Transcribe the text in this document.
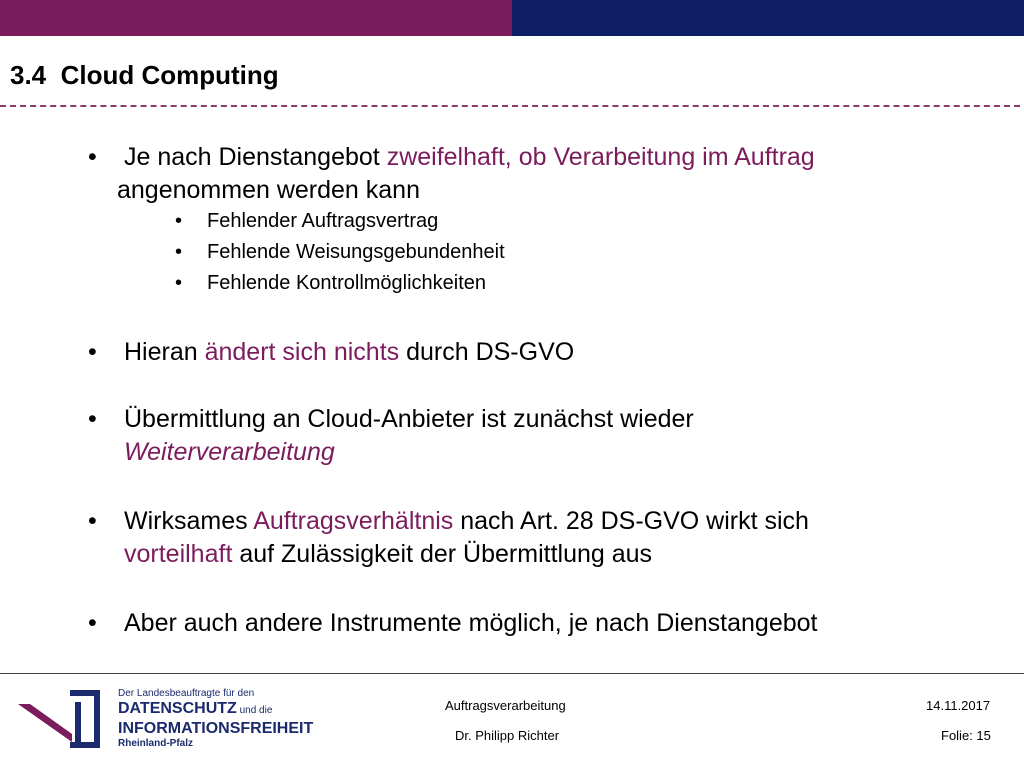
3.4  Cloud Computing
• Je nach Dienstangebot zweifelhaft, ob Verarbeitung im Auftrag
angenommen werden kann
• Fehlender Auftragsvertrag
• Fehlende Weisungsgebundenheit
• Fehlende Kontrollmöglichkeiten
• Hieran ändert sich nichts durch DS-GVO
• Übermittlung an Cloud-Anbieter ist zunächst wieder
Weiterverarbeitung
• Wirksames Auftragsverhältnis nach Art. 28 DS-GVO wirkt sich
vorteilhaft auf Zulässigkeit der Übermittlung aus
• Aber auch andere Instrumente möglich, je nach Dienstangebot
Der Landesbeauftragte für den
DATENSCHUTZ und die
INFORMATIONSFREIHEIT
Rheinland-Pfalz
Auftragsverarbeitung
Dr. Philipp Richter
14.11.2017
Folie: 15
